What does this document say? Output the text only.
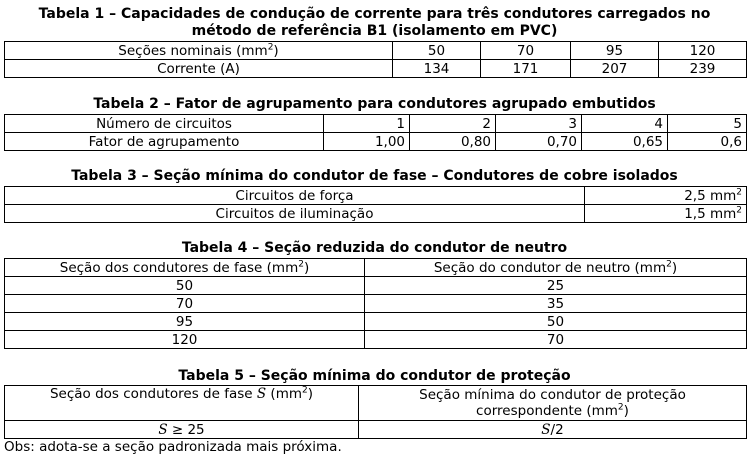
Tabela 1 – Capacidades de condução de corrente para três condutores carregados no
método de referência B1 (isolamento em PVC)
Seções nominais $(mm^2)$	50	70	95	120
Corrente (A)	134	171	207	239
Tabela 2 – Fator de agrupamento para condutores agrupado embutidos
Número de circuitos	1	2	3	4	5
Fator de agrupamento	1,00	0,80	0,70	0,65	0,6
Tabela 3 – Seção mínima do condutor de fase – Condutores de cobre isolados
Circuitos de força	2,5 $mm^2$
Circuitos de iluminação	1,5 $mm^2$
Tabela 4 – Seção reduzida do condutor de neutro
Seção dos condutores de fase $(mm^2)$	Seção do condutor de neutro $(mm^2)$
50	25
70	35
95	50
120	70
Tabela 5 – Seção mínima do condutor de proteção
Seção dos condutores de fase S $(mm^2)$	Seção mínima do condutor de proteção
correspondente $(mm^2)$
S ≥ 25	S/2
Obs: adota-se a seção padronizada mais próxima.
